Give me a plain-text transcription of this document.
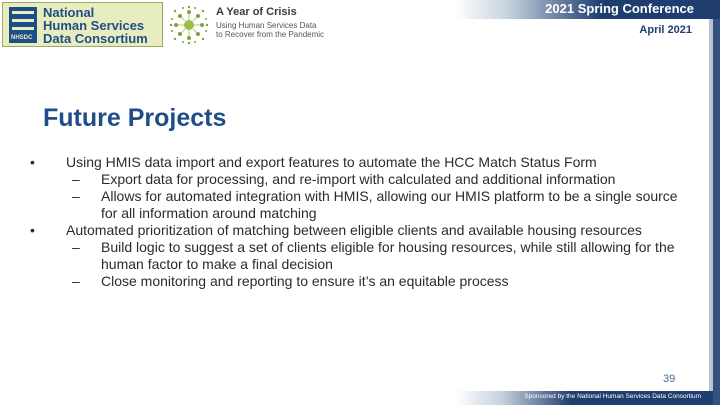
NHSDC
National
Human Services
Data Consortium
A Year of Crisis
Using Human Services Data
to Recover from the Pandemic
2021 Spring Conference
April 2021
Future Projects
• Using HMIS data import and export features to automate the HCC Match Status Form
– Export data for processing, and re-import with calculated and additional information
– Allows for automated integration with HMIS, allowing our HMIS platform to be a single source for all information around matching
• Automated prioritization of matching between eligible clients and available housing resources
– Build logic to suggest a set of clients eligible for housing resources, while still allowing for the human factor to make a final decision
– Close monitoring and reporting to ensure it’s an equitable process
39
Sponsored by the National Human Services Data Consortium
